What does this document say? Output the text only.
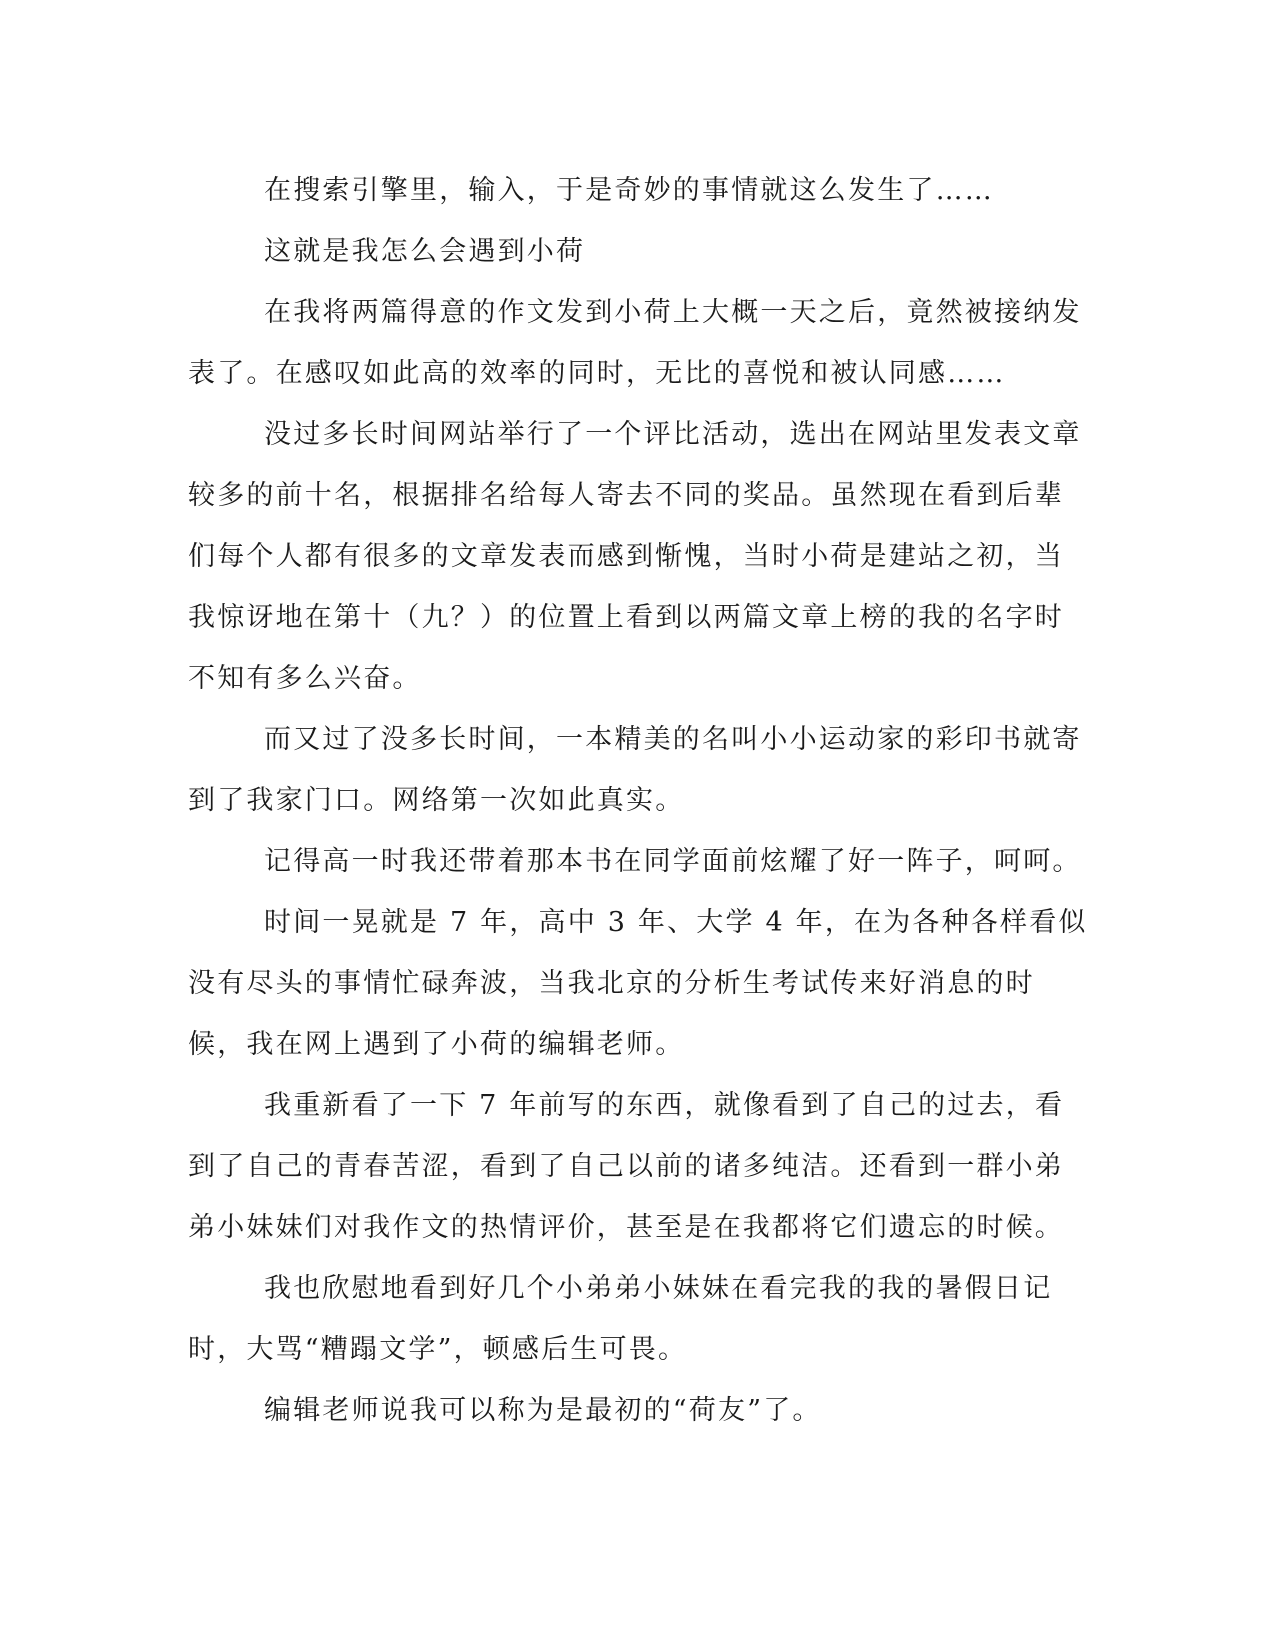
在搜索引擎里，输入，于是奇妙的事情就这么发生了……

这就是我怎么会遇到小荷

在我将两篇得意的作文发到小荷上大概一天之后，竟然被接纳发表了。在感叹如此高的效率的同时，无比的喜悦和被认同感……

没过多长时间网站举行了一个评比活动，选出在网站里发表文章较多的前十名，根据排名给每人寄去不同的奖品。虽然现在看到后辈们每个人都有很多的文章发表而感到惭愧，当时小荷是建站之初，当我惊讶地在第十（九？）的位置上看到以两篇文章上榜的我的名字时不知有多么兴奋。

而又过了没多长时间，一本精美的名叫小小运动家的彩印书就寄到了我家门口。网络第一次如此真实。

记得高一时我还带着那本书在同学面前炫耀了好一阵子，呵呵。

时间一晃就是 7 年，高中 3 年、大学 4 年，在为各种各样看似没有尽头的事情忙碌奔波，当我北京的分析生考试传来好消息的时候，我在网上遇到了小荷的编辑老师。

我重新看了一下 7 年前写的东西，就像看到了自己的过去，看到了自己的青春苦涩，看到了自己以前的诸多纯洁。还看到一群小弟弟小妹妹们对我作文的热情评价，甚至是在我都将它们遗忘的时候。

我也欣慰地看到好几个小弟弟小妹妹在看完我的我的暑假日记时，大骂“糟蹋文学”，顿感后生可畏。

编辑老师说我可以称为是最初的“荷友”了。
